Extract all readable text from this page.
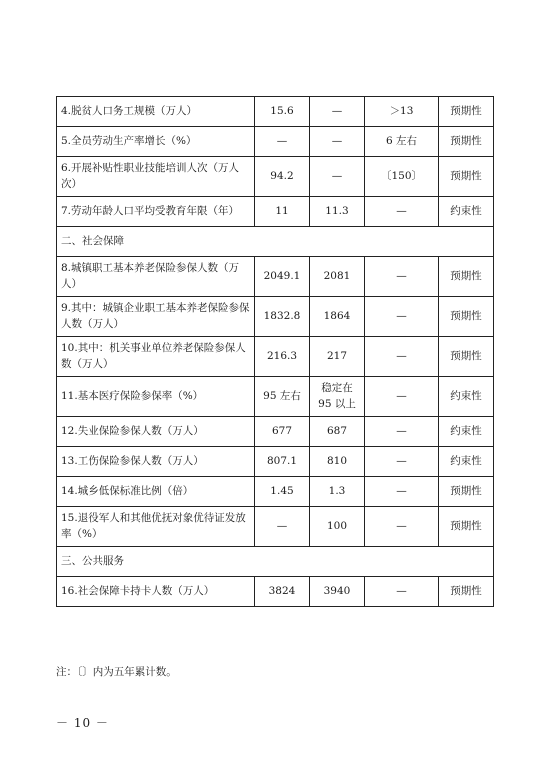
4.脱贫人口务工规模（万人）	15.6	—	＞13	预期性
5.全员劳动生产率增长（%）	—	—	6 左右	预期性
6.开展补贴性职业技能培训人次（万人次）	94.2	—	〔150〕	预期性
7.劳动年龄人口平均受教育年限（年）	11	11.3	—	约束性
二、社会保障				
8.城镇职工基本养老保险参保人数（万人）	2049.1	2081	—	预期性
9.其中：城镇企业职工基本养老保险参保人数（万人）	1832.8	1864	—	预期性
10.其中：机关事业单位养老保险参保人数（万人）	216.3	217	—	预期性
11.基本医疗保险参保率（%）	95 左右	稳定在 95 以上	—	约束性
12.失业保险参保人数（万人）	677	687	—	约束性
13.工伤保险参保人数（万人）	807.1	810	—	约束性
14.城乡低保标准比例（倍）	1.45	1.3	—	预期性
15.退役军人和其他优抚对象优待证发放率（%）	—	100	—	预期性
三、公共服务				
16.社会保障卡持卡人数（万人）	3824	3940	—	预期性
注：〔〕内为五年累计数。
－ 10 －
